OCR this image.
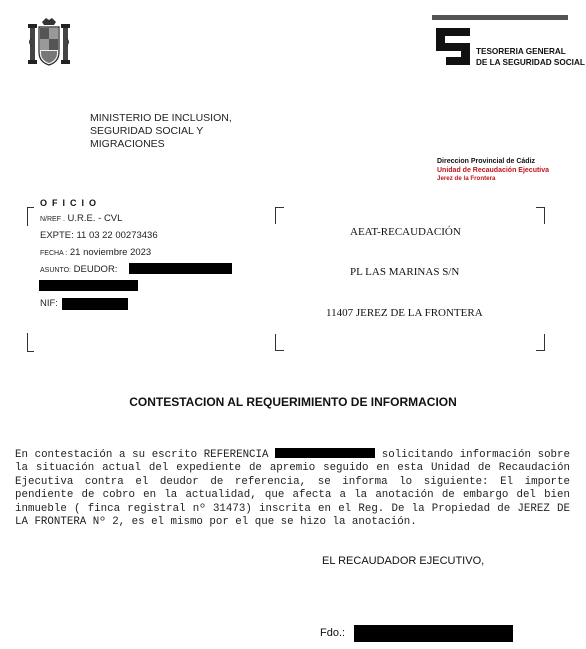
TESORERIA GENERAL
DE LA SEGURIDAD SOCIAL
MINISTERIO DE INCLUSION,
SEGURIDAD SOCIAL Y
MIGRACIONES
Direccion Provincial de Cádiz
Unidad de Recaudación Ejecutiva
Jerez de la Frontera
OFICIO
N/REF . U.R.E. - CVL
EXPTE: 11 03 22 00273436
FECHA : 21 noviembre 2023
ASUNTO: DEUDOR:
NIF:
AEAT-RECAUDACIÓN
PL LAS MARINAS S/N
11407 JEREZ DE LA FRONTERA
CONTESTACION AL REQUERIMIENTO DE INFORMACION
En contestación a su escrito REFERENCIA	solicitando información sobre la situación actual del expediente de apremio seguido en esta Unidad de Recaudación Ejecutiva contra el deudor de referencia, se informa lo siguiente: El importe pendiente de cobro en la actualidad, que afecta a la anotación de embargo del bien inmueble ( finca registral nº 31473) inscrita en el Reg. De la Propiedad de JEREZ DE LA FRONTERA Nº 2, es el mismo por el que se hizo la anotación.
EL RECAUDADOR EJECUTIVO,
Fdo.:
